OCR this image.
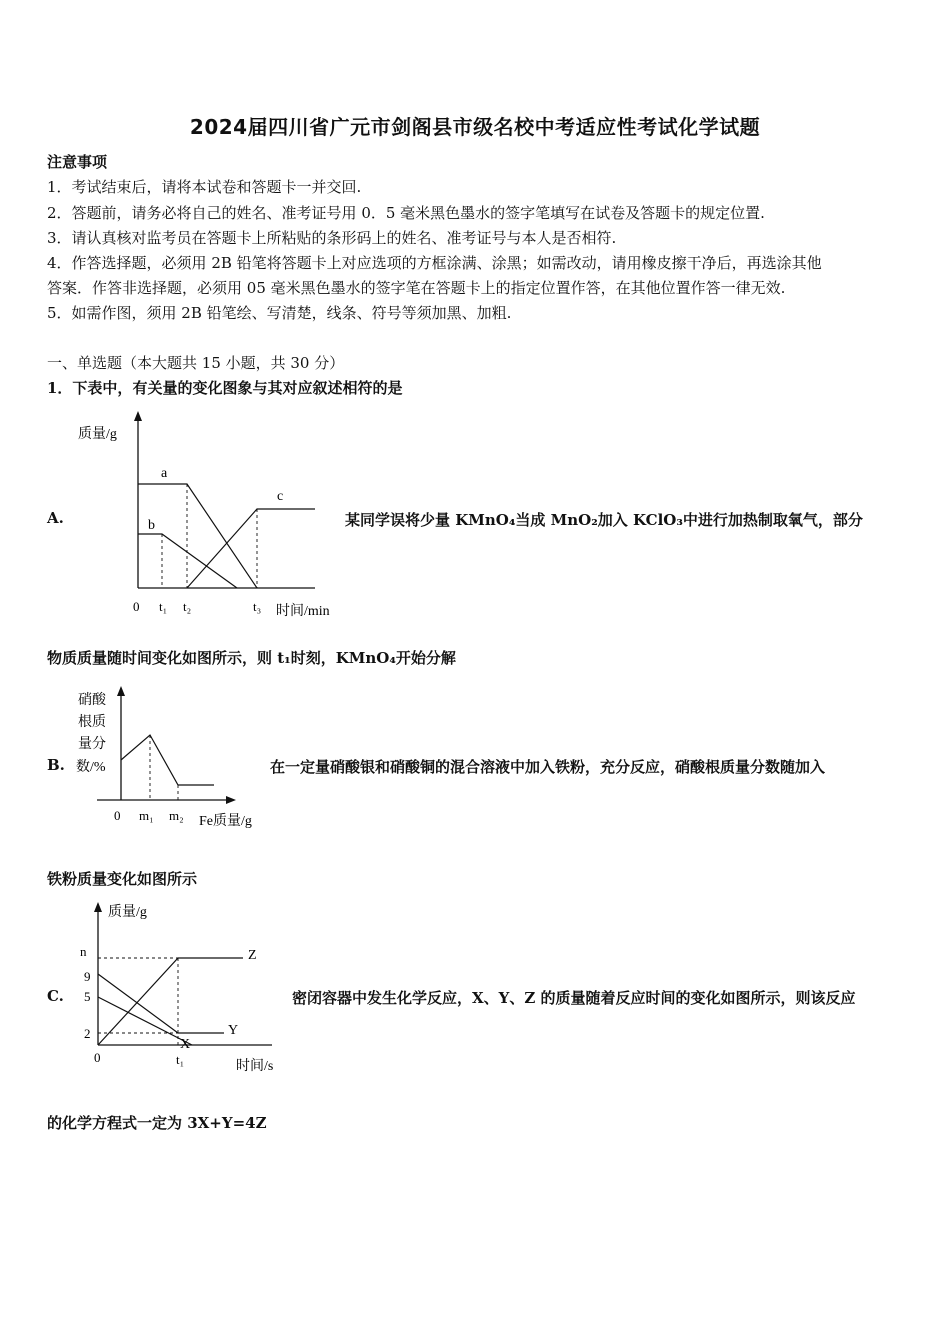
2024届四川省广元市剑阁县市级名校中考适应性考试化学试题
注意事项
1．考试结束后，请将本试卷和答题卡一并交回.
2．答题前，请务必将自己的姓名、准考证号用 0．5 毫米黑色墨水的签字笔填写在试卷及答题卡的规定位置.
3．请认真核对监考员在答题卡上所粘贴的条形码上的姓名、准考证号与本人是否相符.
4．作答选择题，必须用 2B 铅笔将答题卡上对应选项的方框涂满、涂黑；如需改动，请用橡皮擦干净后，再选涂其他
答案．作答非选择题，必须用 05 毫米黑色墨水的签字笔在答题卡上的指定位置作答，在其他位置作答一律无效.
5．如需作图，须用 2B 铅笔绘、写清楚，线条、符号等须加黑、加粗.
一、单选题（本大题共 15 小题，共 30 分）
1．下表中，有关量的变化图象与其对应叙述相符的是
A.
质量/g
时间/min
0 t₁ t₂	t₃
a
b
c
某同学误将少量 KMnO₄当成 MnO₂加入 KClO₃中进行加热制取氧气，部分
物质质量随时间变化如图所示，则 t₁时刻，KMnO₄开始分解
B.
硝酸
根质
量分
数/%
0 m₁ m₂ Fe质量/g
在一定量硝酸银和硝酸铜的混合溶液中加入铁粉，充分反应，硝酸根质量分数随加入
铁粉质量变化如图所示
C.
质量/g
时间/s
0	t₁
n
9
5
2
Z
Y
X
密闭容器中发生化学反应，X、Y、Z 的质量随着反应时间的变化如图所示，则该反应
的化学方程式一定为 3X+Y=4Z
